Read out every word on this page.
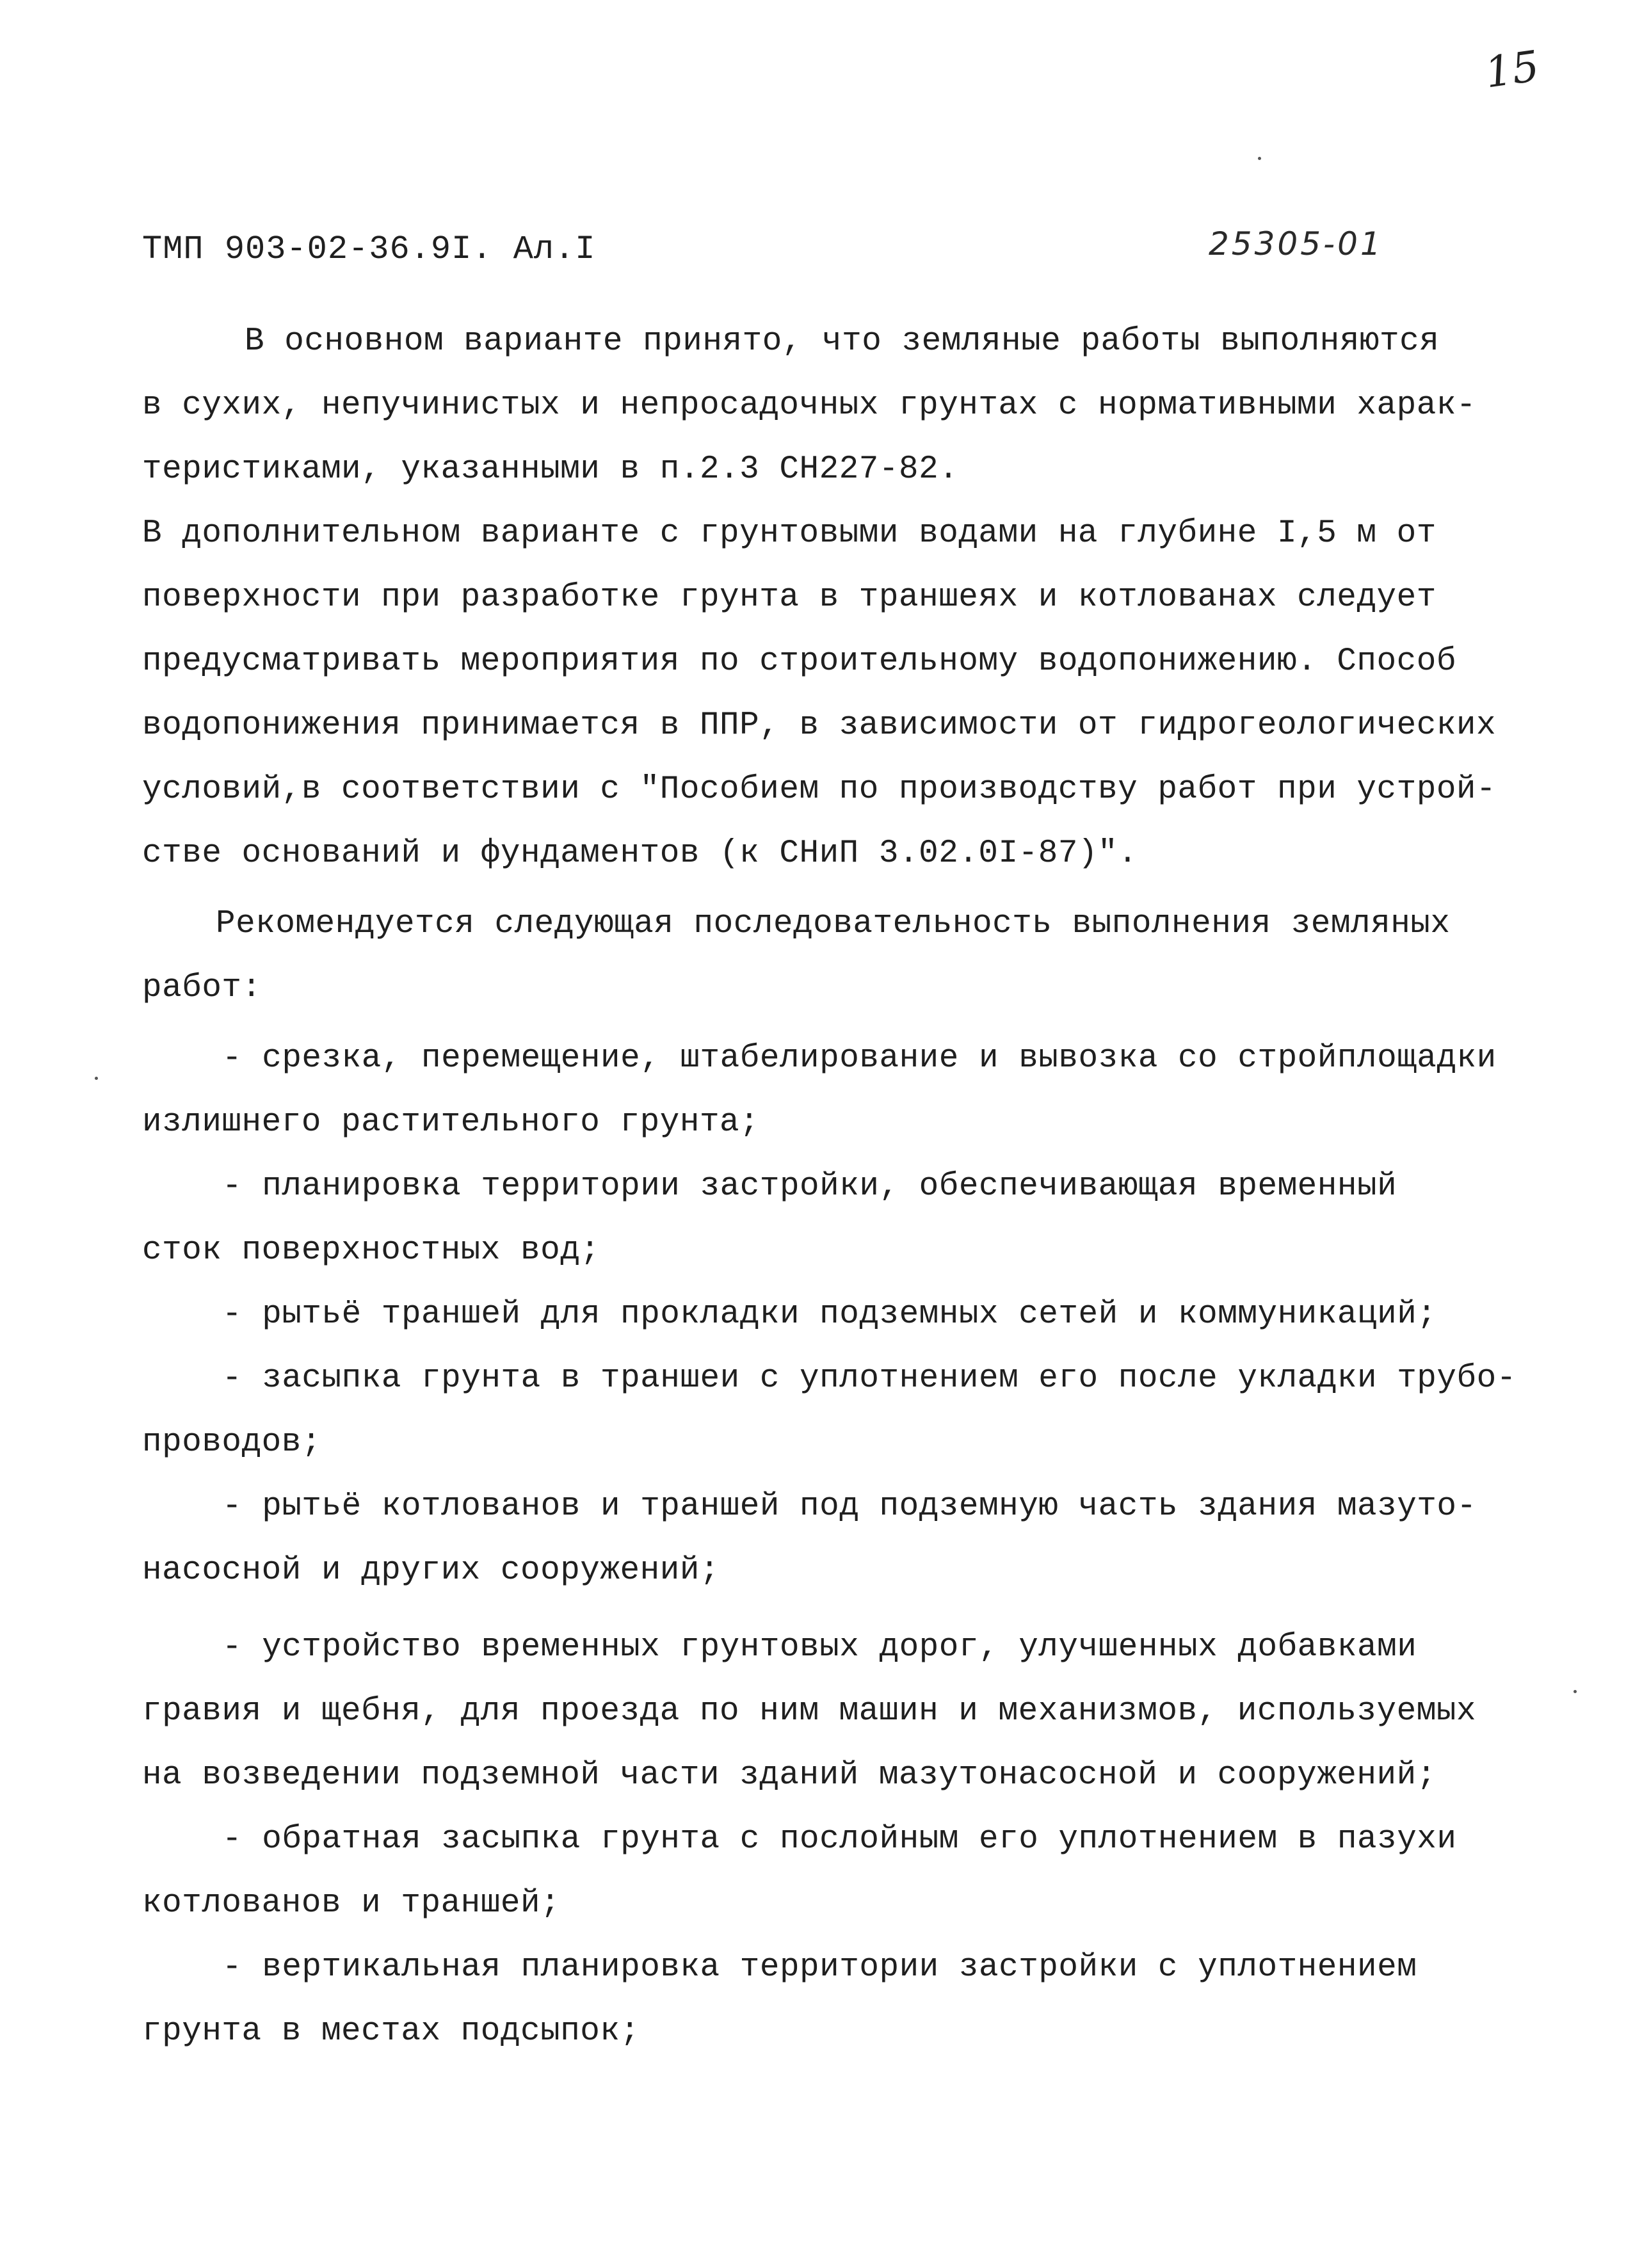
15
ТМП 903-02-36.9I. Ал.I	25305-01
В основном варианте принято, что земляные работы выполняются
в сухих, непучинистых и непросадочных грунтах с нормативными харак-
теристиками, указанными в п.2.3 СН227-82.
В дополнительном варианте с грунтовыми водами на глубине I,5 м от
поверхности при разработке грунта в траншеях и котлованах следует
предусматривать мероприятия по строительному водопонижению. Способ
водопонижения принимается в ППР, в зависимости от гидрогеологических
условий,в соответствии с "Пособием по производству работ при устрой-
стве оснований и фундаментов (к СНиП 3.02.0I-87)".
Рекомендуется следующая последовательность выполнения земляных
работ:
- срезка, перемещение, штабелирование и вывозка со стройплощадки
излишнего растительного грунта;
- планировка территории застройки, обеспечивающая временный
сток поверхностных вод;
- рытьё траншей для прокладки подземных сетей и коммуникаций;
- засыпка грунта в траншеи с уплотнением его после укладки трубо-
проводов;
- рытьё котлованов и траншей под подземную часть здания мазуто-
насосной и других сооружений;
- устройство временных грунтовых дорог, улучшенных добавками
гравия и щебня, для проезда по ним машин и механизмов, используемых
на возведении подземной части зданий мазутонасосной и сооружений;
- обратная засыпка грунта с послойным его уплотнением в пазухи
котлованов и траншей;
- вертикальная планировка территории застройки с уплотнением
грунта в местах подсыпок;
